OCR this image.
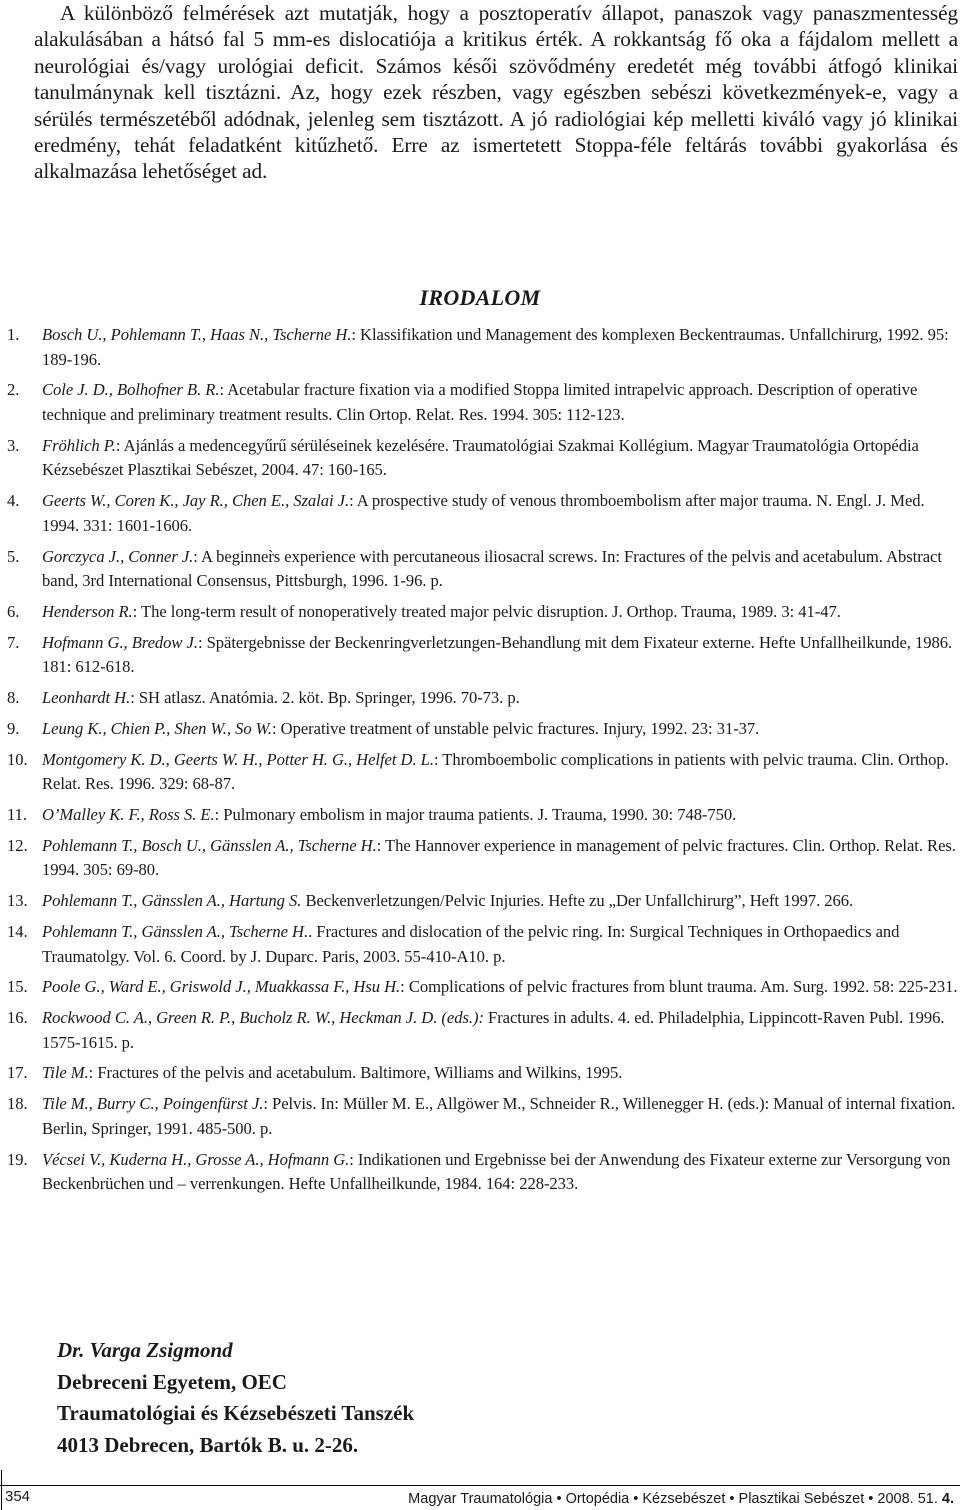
A különböző felmérések azt mutatják, hogy a posztoperatív állapot, panaszok vagy panaszmentesség alakulásában a hátsó fal 5 mm-es dislocatiója a kritikus érték. A rokkantság fő oka a fájdalom mellett a neurológiai és/vagy urológiai deficit. Számos késői szövődmény eredetét még további átfogó klinikai tanulmánynak kell tisztázni. Az, hogy ezek részben, vagy egészben sebészi következmények-e, vagy a sérülés természetéből adódnak, jelenleg sem tisztázott. A jó radiológiai kép melletti kiváló vagy jó klinikai eredmény, tehát feladatként kitűzhető. Erre az ismertetett Stoppa-féle feltárás további gyakorlása és alkalmazása lehetőséget ad.

IRODALOM
1. Bosch U., Pohlemann T., Haas N., Tscherne H.: Klassifikation und Management des komplexen Beckentraumas. Unfallchirurg, 1992. 95: 189-196.
2. Cole J. D., Bolhofner B. R.: Acetabular fracture fixation via a modified Stoppa limited intrapelvic approach. Description of operative technique and preliminary treatment results. Clin Ortop. Relat. Res. 1994. 305: 112-123.
3. Fröhlich P.: Ajánlás a medencegyűrű sérüléseinek kezelésére. Traumatológiai Szakmai Kollégium. Magyar Traumatológia Ortopédia Kézsebészet Plasztikai Sebészet, 2004. 47: 160-165.
4. Geerts W., Coren K., Jay R., Chen E., Szalai J.: A prospective study of venous thromboembolism after major trauma. N. Engl. J. Med. 1994. 331: 1601-1606.
5. Gorczyca J., Conner J.: A beginner̀s experience with percutaneous iliosacral screws. In: Fractures of the pelvis and acetabulum. Abstract band, 3rd International Consensus, Pittsburgh, 1996. 1-96. p.
6. Henderson R.: The long-term result of nonoperatively treated major pelvic disruption. J. Orthop. Trauma, 1989. 3: 41-47.
7. Hofmann G., Bredow J.: Spätergebnisse der Beckenringverletzungen-Behandlung mit dem Fixateur externe. Hefte Unfallheilkunde, 1986. 181: 612-618.
8. Leonhardt H.: SH atlasz. Anatómia. 2. köt. Bp. Springer, 1996. 70-73. p.
9. Leung K., Chien P., Shen W., So W.: Operative treatment of unstable pelvic fractures. Injury, 1992. 23: 31-37.
10. Montgomery K. D., Geerts W. H., Potter H. G., Helfet D. L.: Thromboembolic complications in patients with pelvic trauma. Clin. Orthop. Relat. Res. 1996. 329: 68-87.
11. O’Malley K. F., Ross S. E.: Pulmonary embolism in major trauma patients. J. Trauma, 1990. 30: 748-750.
12. Pohlemann T., Bosch U., Gänsslen A., Tscherne H.: The Hannover experience in management of pelvic fractures. Clin. Orthop. Relat. Res. 1994. 305: 69-80.
13. Pohlemann T., Gänsslen A., Hartung S. Beckenverletzungen/Pelvic Injuries. Hefte zu „Der Unfallchirurg”, Heft 1997. 266.
14. Pohlemann T., Gänsslen A., Tscherne H.. Fractures and dislocation of the pelvic ring. In: Surgical Techniques in Orthopaedics and Traumatolgy. Vol. 6. Coord. by J. Duparc. Paris, 2003. 55-410-A10. p.
15. Poole G., Ward E., Griswold J., Muakkassa F., Hsu H.: Complications of pelvic fractures from blunt trauma. Am. Surg. 1992. 58: 225-231.
16. Rockwood C. A., Green R. P., Bucholz R. W., Heckman J. D. (eds.): Fractures in adults. 4. ed. Philadelphia, Lippincott-Raven Publ. 1996. 1575-1615. p.
17. Tile M.: Fractures of the pelvis and acetabulum. Baltimore, Williams and Wilkins, 1995.
18. Tile M., Burry C., Poingenfürst J.: Pelvis. In: Müller M. E., Allgöwer M., Schneider R., Willenegger H. (eds.): Manual of internal fixation. Berlin, Springer, 1991. 485-500. p.
19. Vécsei V., Kuderna H., Grosse A., Hofmann G.: Indikationen und Ergebnisse bei der Anwendung des Fixateur externe zur Versorgung von Beckenbrüchen und – verrenkungen. Hefte Unfallheilkunde, 1984. 164: 228-233.
Dr. Varga Zsigmond
Debreceni Egyetem, OEC
Traumatológiai és Kézsebészeti Tanszék
4013 Debrecen, Bartók B. u. 2-26.
354	Magyar Traumatológia • Ortopédia • Kézsebészet • Plasztikai Sebészet • 2008. 51. 4.
